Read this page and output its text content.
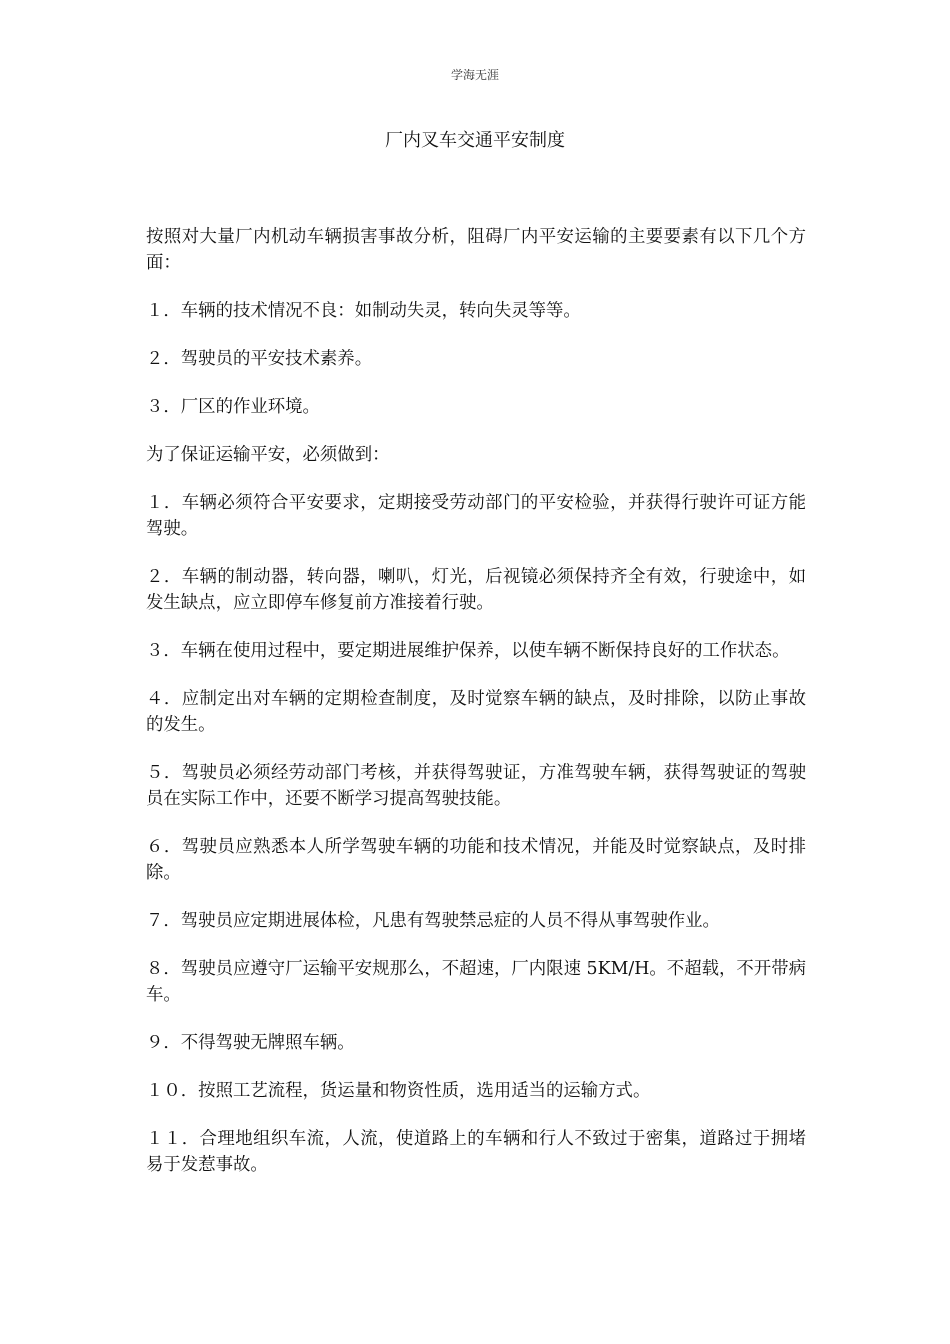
学海无涯
厂内叉车交通平安制度

按照对大量厂内机动车辆损害事故分析，阻碍厂内平安运输的主要要素有以下几个方面：

１．车辆的技术情况不良：如制动失灵，转向失灵等等。

２．驾驶员的平安技术素养。

３．厂区的作业环境。

为了保证运输平安，必须做到：

１．车辆必须符合平安要求，定期接受劳动部门的平安检验，并获得行驶许可证方能驾驶。

２．车辆的制动器，转向器，喇叭，灯光，后视镜必须保持齐全有效，行驶途中，如发生缺点，应立即停车修复前方准接着行驶。

３．车辆在使用过程中，要定期进展维护保养，以使车辆不断保持良好的工作状态。

４．应制定出对车辆的定期检查制度，及时觉察车辆的缺点，及时排除，以防止事故 的发生。

５．驾驶员必须经劳动部门考核，并获得驾驶证，方准驾驶车辆，获得驾驶证的驾驶员在实际工作中，还要不断学习提高驾驶技能。

６．驾驶员应熟悉本人所学驾驶车辆的功能和技术情况，并能及时觉察缺点，及时排除。

７．驾驶员应定期进展体检，凡患有驾驶禁忌症的人员不得从事驾驶作业。

８．驾驶员应遵守厂运输平安规那么，不超速，厂内限速 5KM/H。不超载，不开带病车。

９．不得驾驶无牌照车辆。

１０．按照工艺流程，货运量和物资性质，选用适当的运输方式。

１１．合理地组织车流，人流，使道路上的车辆和行人不致过于密集，道路过于拥堵易于发惹事故。
